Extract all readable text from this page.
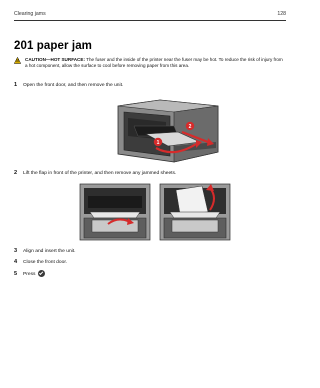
Clearing jams	128
201 paper jam
CAUTION—HOT SURFACE: The fuser and the inside of the printer near the fuser may be hot. To reduce the risk of injury from a hot component, allow the surface to cool before removing paper from this area.
1 Open the front door, and then remove the unit.
1
2
2 Lift the flap in front of the printer, and then remove any jammed sheets.
3 Align and insert the unit.
4 Close the front door.
5 Press
